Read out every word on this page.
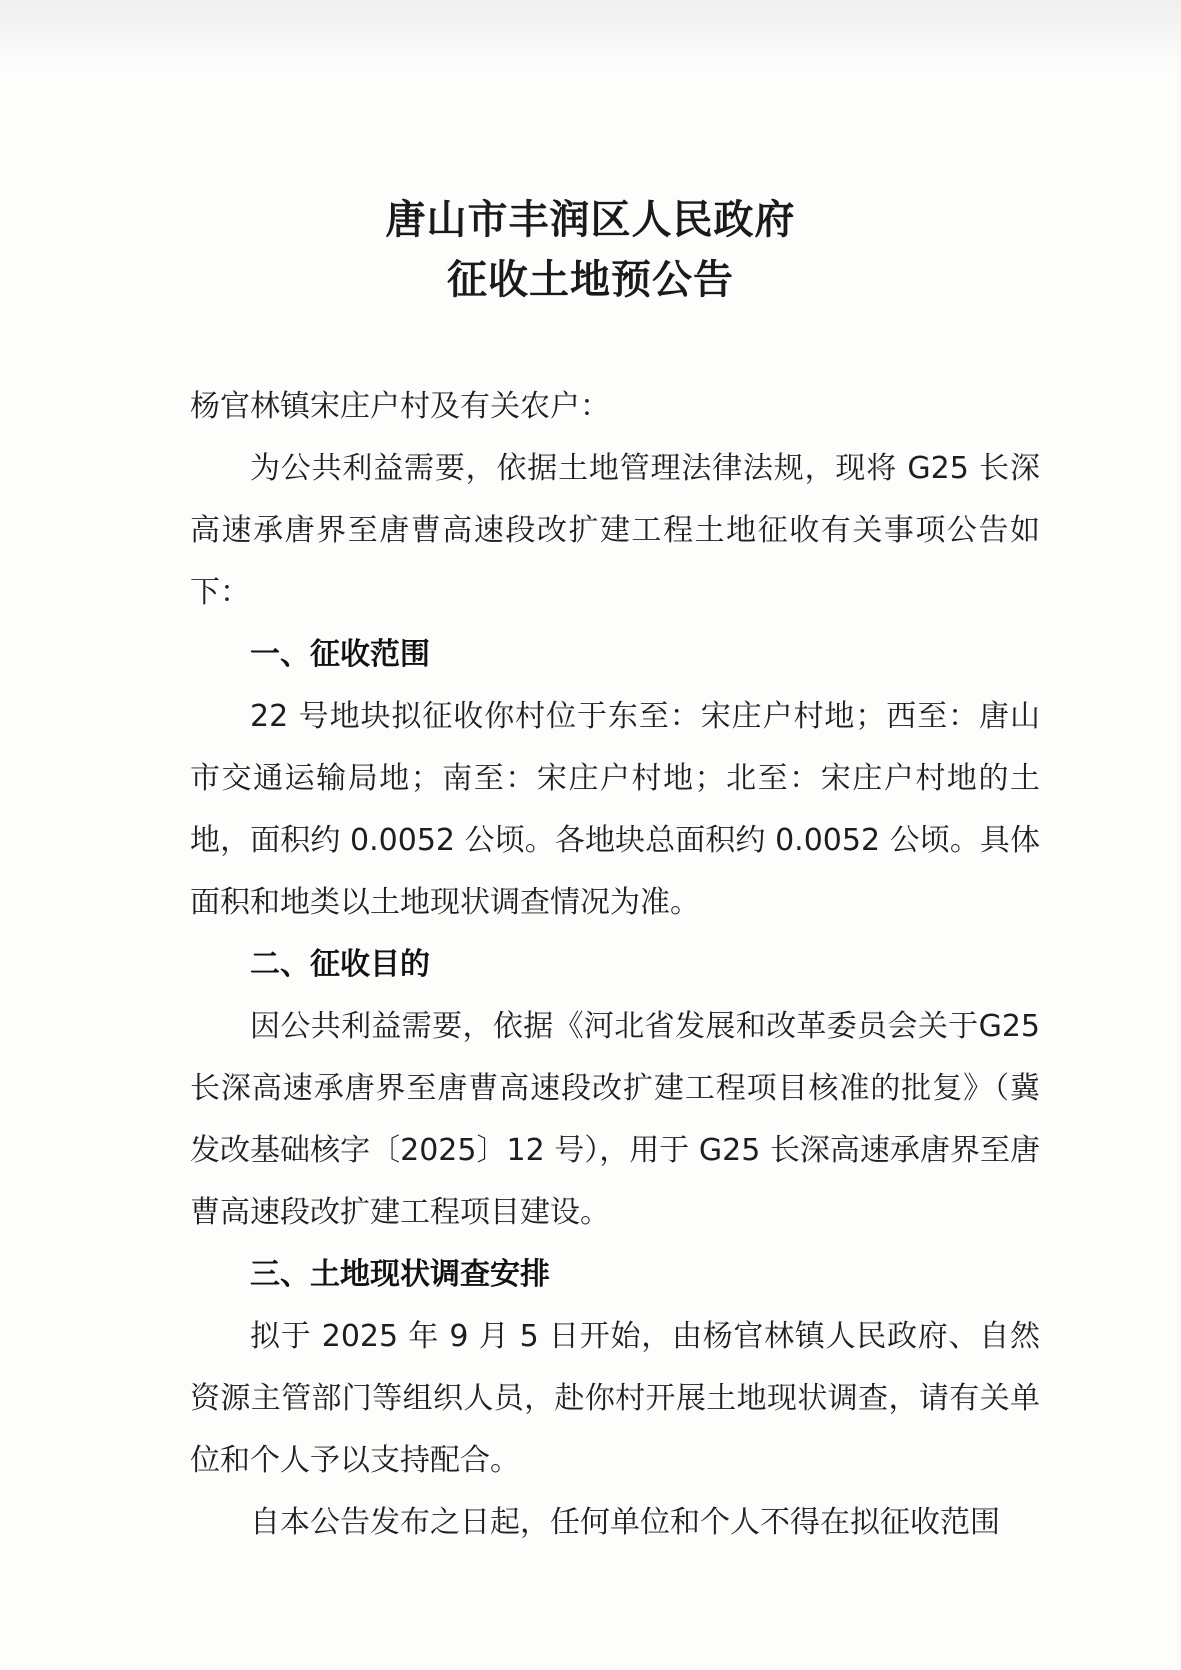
唐山市丰润区人民政府
征收土地预公告

杨官林镇宋庄户村及有关农户：

为公共利益需要，依据土地管理法律法规，现将 G25 长深高速承唐界至唐曹高速段改扩建工程土地征收有关事项公告如下：

一、征收范围

22 号地块拟征收你村位于东至：宋庄户村地；西至：唐山市交通运输局地；南至：宋庄户村地；北至：宋庄户村地的土地，面积约 0.0052 公顷。各地块总面积约 0.0052 公顷。具体面积和地类以土地现状调查情况为准。

二、征收目的

因公共利益需要，依据《河北省发展和改革委员会关于G25 长深高速承唐界至唐曹高速段改扩建工程项目核准的批复》（冀发改基础核字〔2025〕12 号），用于 G25 长深高速承唐界至唐曹高速段改扩建工程项目建设。

三、土地现状调查安排

拟于 2025 年 9 月 5 日开始，由杨官林镇人民政府、自然资源主管部门等组织人员，赴你村开展土地现状调查，请有关单位和个人予以支持配合。

自本公告发布之日起，任何单位和个人不得在拟征收范围
